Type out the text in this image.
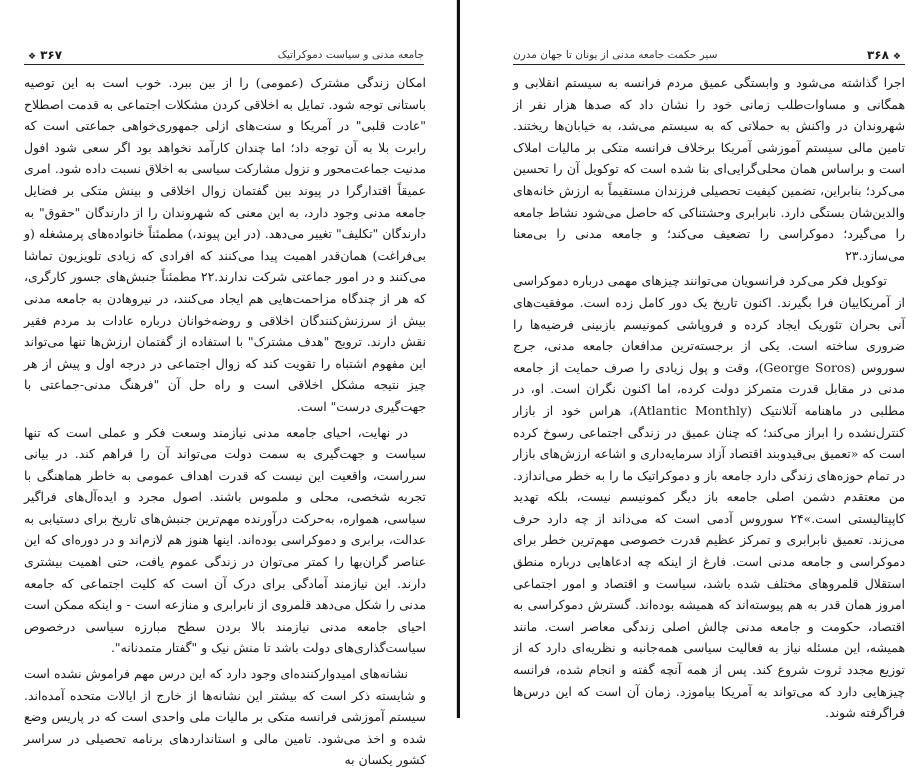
جامعه مدنی و سیاست دموکراتیک
۳۶۷❖

امکان زندگی مشترک (عمومی) را از بین ببرد. خوب است به این توصیه باستانی توجه شود. تمایل به اخلاقی کردن مشکلات اجتماعی به قدمت اصطلاح "عادت قلبی" در آمریکا و سنت‌های ازلی جمهوری‌خواهی جماعتی است که رابرت بلا به آن توجه داد؛ اما چندان کارآمد نخواهد بود اگر سعی شود افول مدنیت جماعت‌محور و نزول مشارکت سیاسی به اخلاق نسبت داده شود. امری عمیقاً اقتدارگرا در پیوند بین گفتمان زوال اخلاقی و بینش متکی بر فضایل جامعه مدنی وجود دارد، به این معنی که شهروندان را از دارندگان "حقوق" به دارندگان "تکلیف" تغییر می‌دهد. (در این پیوند،) مطمئناً خانواده‌های پرمشغله (و بی‌فراغت) همان‌قدر اهمیت پیدا می‌کنند که افرادی که زیادی تلویزیون تماشا می‌کنند و در امور جماعتی شرکت ندارند.۲۲ مطمئناً جنبش‌های جسور کارگری، که هر از چندگاه مزاحمت‌هایی هم ایجاد می‌کنند، در نیروهادن به جامعه مدنی بیش از سرزنش‌کنندگان اخلاقی و روضه‌خوانان درباره عادات بد مردم فقیر نقش دارند. ترویج "هدف مشترک" با استفاده از گفتمان ارزش‌ها تنها می‌تواند این مفهوم اشتباه را تقویت کند که زوال اجتماعی در درجه اول و پیش از هر چیز نتیجه مشکل اخلاقی است و راه حل آن "فرهنگ مدنی-جماعتی با جهت‌گیری درست" است.

در نهایت، احیای جامعه مدنی نیازمند وسعت فکر و عملی است که تنها سیاست و جهت‌گیری به سمت دولت می‌تواند آن را فراهم کند. در بیانی سرراست، واقعیت این نیست که قدرت اهداف عمومی به خاطر هماهنگی با تجربه شخصی، محلی و ملموس باشند. اصول مجرد و ایده‌آل‌های فراگیر سیاسی، همواره، به‌حرکت درآورنده مهم‌ترین جنبش‌های تاریخ برای دستیابی به عدالت، برابری و دموکراسی بوده‌اند. اینها هنوز هم لازم‌اند و در دوره‌ای که این عناصر گران‌بها را کمتر می‌توان در زندگی عموم یافت، حتی اهمیت بیشتری دارند. این نیازمند آمادگی برای درک آن است که کلیت اجتماعی که جامعه مدنی را شکل می‌دهد قلمروی از نابرابری و منازعه است - و اینکه ممکن است احیای جامعه مدنی نیازمند بالا بردن سطح مبارزه سیاسی درخصوص سیاست‌گذاری‌های دولت باشد تا منش نیک و "گفتار متمدنانه".

نشانه‌های امیدوارکننده‌ای وجود دارد که این درس مهم فراموش نشده است و شایسته ذکر است که بیشتر این نشانه‌ها از خارج از ایالات متحده آمده‌اند. سیستم آموزشی فرانسه متکی بر مالیات ملی واحدی است که در پاریس وضع شده و اخذ می‌شود. تامین مالی و استانداردهای برنامه تحصیلی در سراسر کشور یکسان به

❖۳۶۸
سیر حکمت جامعه مدنی از یونان تا جهان مدرن

اجرا گذاشته می‌شود و وابستگی عمیق مردم فرانسه به سیستم انقلابی و همگانی و مساوات‌طلب زمانی خود را نشان داد که صدها هزار نفر از شهروندان در واکنش به حملاتی که به سیستم می‌شد، به خیابان‌ها ریختند. تامین مالی سیستم آموزشی آمریکا برخلاف فرانسه متکی بر مالیات املاک است و براساس همان محلی‌گرایی‌ای بنا شده است که توکویل آن را تحسین می‌کرد؛ بنابراین، تضمین کیفیت تحصیلی فرزندان مستقیماً به ارزش خانه‌های والدین‌شان بستگی دارد. نابرابری وحشتناکی که حاصل می‌شود نشاط جامعه را می‌گیرد؛ دموکراسی را تضعیف می‌کند؛ و جامعه مدنی را بی‌معنا می‌سازد.۲۳

توکویل فکر می‌کرد فرانسویان می‌توانند چیزهای مهمی درباره دموکراسی از آمریکاییان فرا بگیرند. اکنون تاریخ یک دور کامل زده است. موفقیت‌های آنی بحران تئوریک ایجاد کرده و فروپاشی کمونیسم بازبینی فرضیه‌ها را ضروری ساخته است. یکی از برجسته‌ترین مدافعان جامعه مدنی، جرج سوروس (George Soros)، وقت و پول زیادی را صرف حمایت از جامعه مدنی در مقابل قدرت متمرکز دولت کرده، اما اکنون نگران است. او، در مطلبی در ماهنامه آتلانتیک (Atlantic Monthly)، هراس خود از بازار کنترل‌نشده را ابراز می‌کند؛ که چنان عمیق در زندگی اجتماعی رسوخ کرده است که «تعمیق بی‌قیدوبند اقتصاد آزاد سرمایه‌داری و اشاعه ارزش‌های بازار در تمام حوزه‌های زندگی دارد جامعه باز و دموکراتیک ما را به خطر می‌اندازد. من معتقدم دشمن اصلی جامعه باز دیگر کمونیسم نیست، بلکه تهدید کاپیتالیستی است.»۲۴ سوروس آدمی است که می‌داند از چه دارد حرف می‌زند. تعمیق نابرابری و تمرکز عظیم قدرت خصوصی مهم‌ترین خطر برای دموکراسی و جامعه مدنی است. فارغ از اینکه چه ادعاهایی درباره منطق استقلال قلمروهای مختلف شده باشد، سیاست و اقتصاد و امور اجتماعی امروز همان قدر به هم پیوسته‌اند که همیشه بوده‌اند. گسترش دموکراسی به اقتصاد، حکومت و جامعه مدنی چالش اصلی زندگی معاصر است. مانند همیشه، این مسئله نیاز به فعالیت سیاسی همه‌جانبه و نظریه‌ای دارد که از توزیع مجدد ثروت شروع کند. پس از همه آنچه گفته و انجام شده، فرانسه چیزهایی دارد که می‌تواند به آمریکا بیاموزد. زمان آن است که این درس‌ها فراگرفته شوند.
